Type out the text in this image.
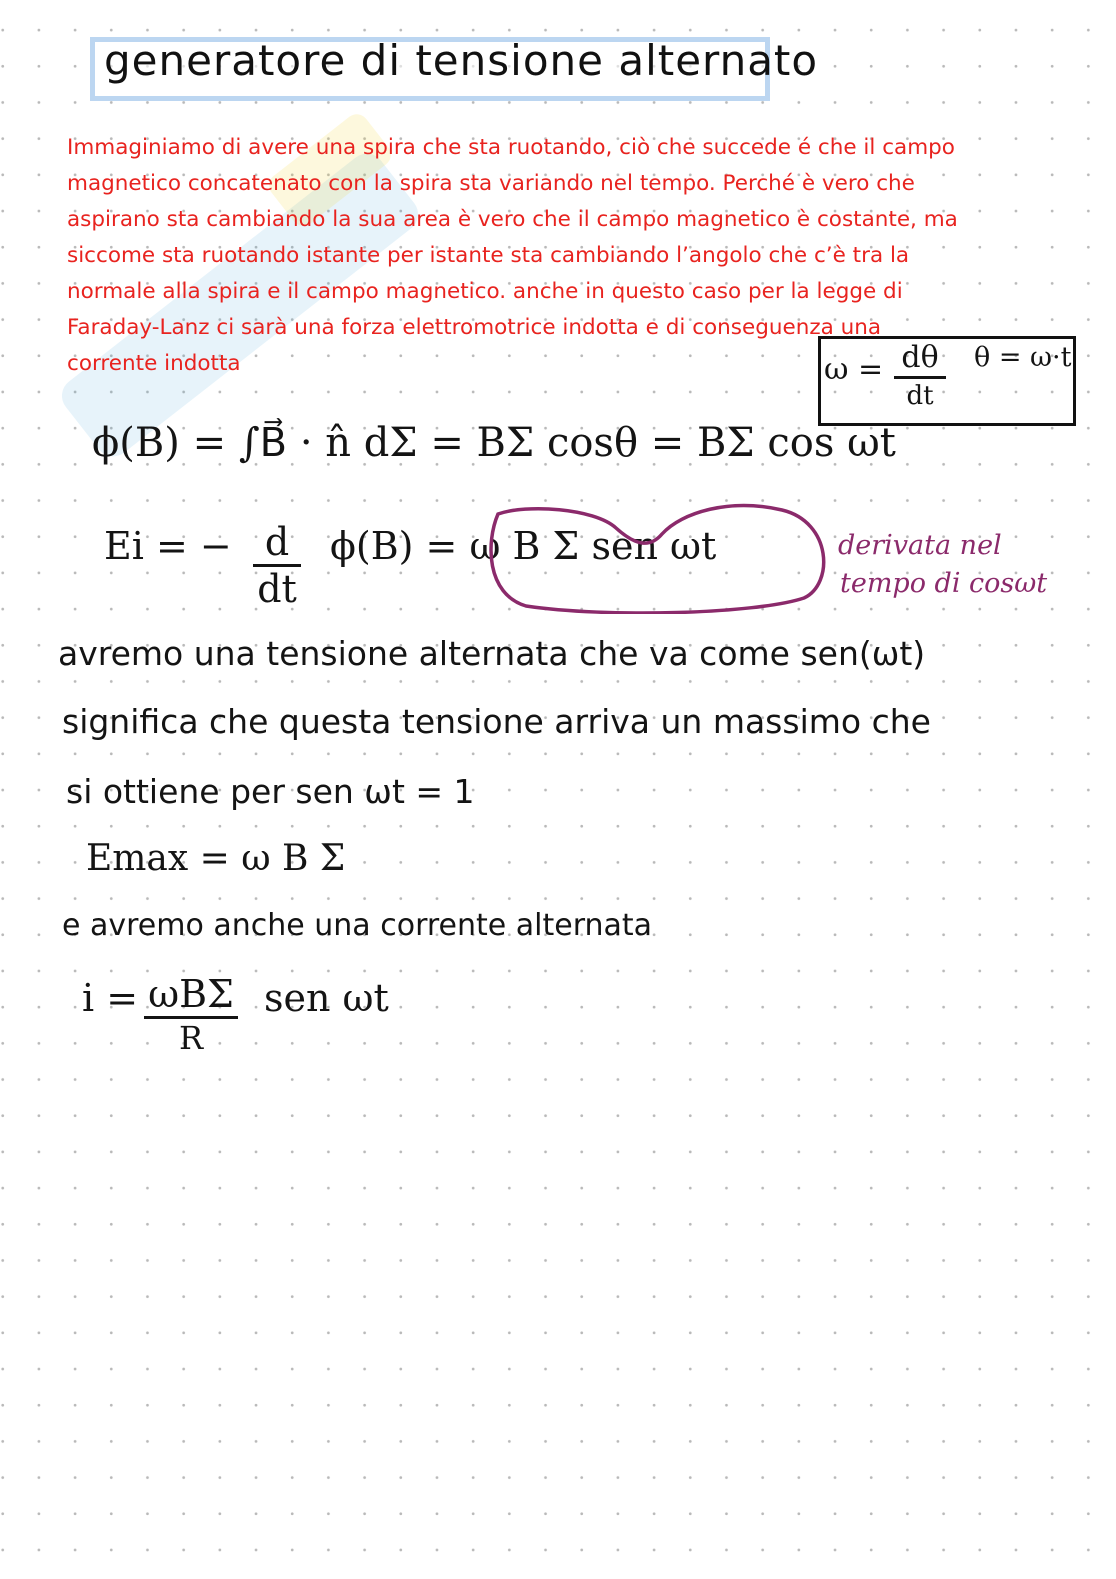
generatore di tensione alternato
Immaginiamo di avere una spira che sta ruotando, ciò che succede é che il campo
magnetico concatenato con la spira sta variando nel tempo. Perché è vero che
aspirano sta cambiando la sua area è vero che il campo magnetico è costante, ma
siccome sta ruotando istante per istante sta cambiando l’angolo che c’è tra la
normale alla spira e il campo magnetico. anche in questo caso per la legge di
Faraday-Lanz ci sarà una forza elettromotrice indotta e di conseguenza una
corrente indotta	ω = dθ
dt
θ = ω·t
ϕ(B) = ∫B⃗ · n̂ dΣ = BΣ cosθ = BΣ cos ωt
Ei = − d
dt
ϕ(B) = ω B Σ sen ωt	derivata nel
tempo di cosωt
avremo una tensione alternata che va come sen(ωt)
significa che questa tensione arriva un massimo che
si ottiene per sen ωt = 1
Emax = ω B Σ
e avremo anche una corrente alternata
i = ωBΣ
R
sen ωt
